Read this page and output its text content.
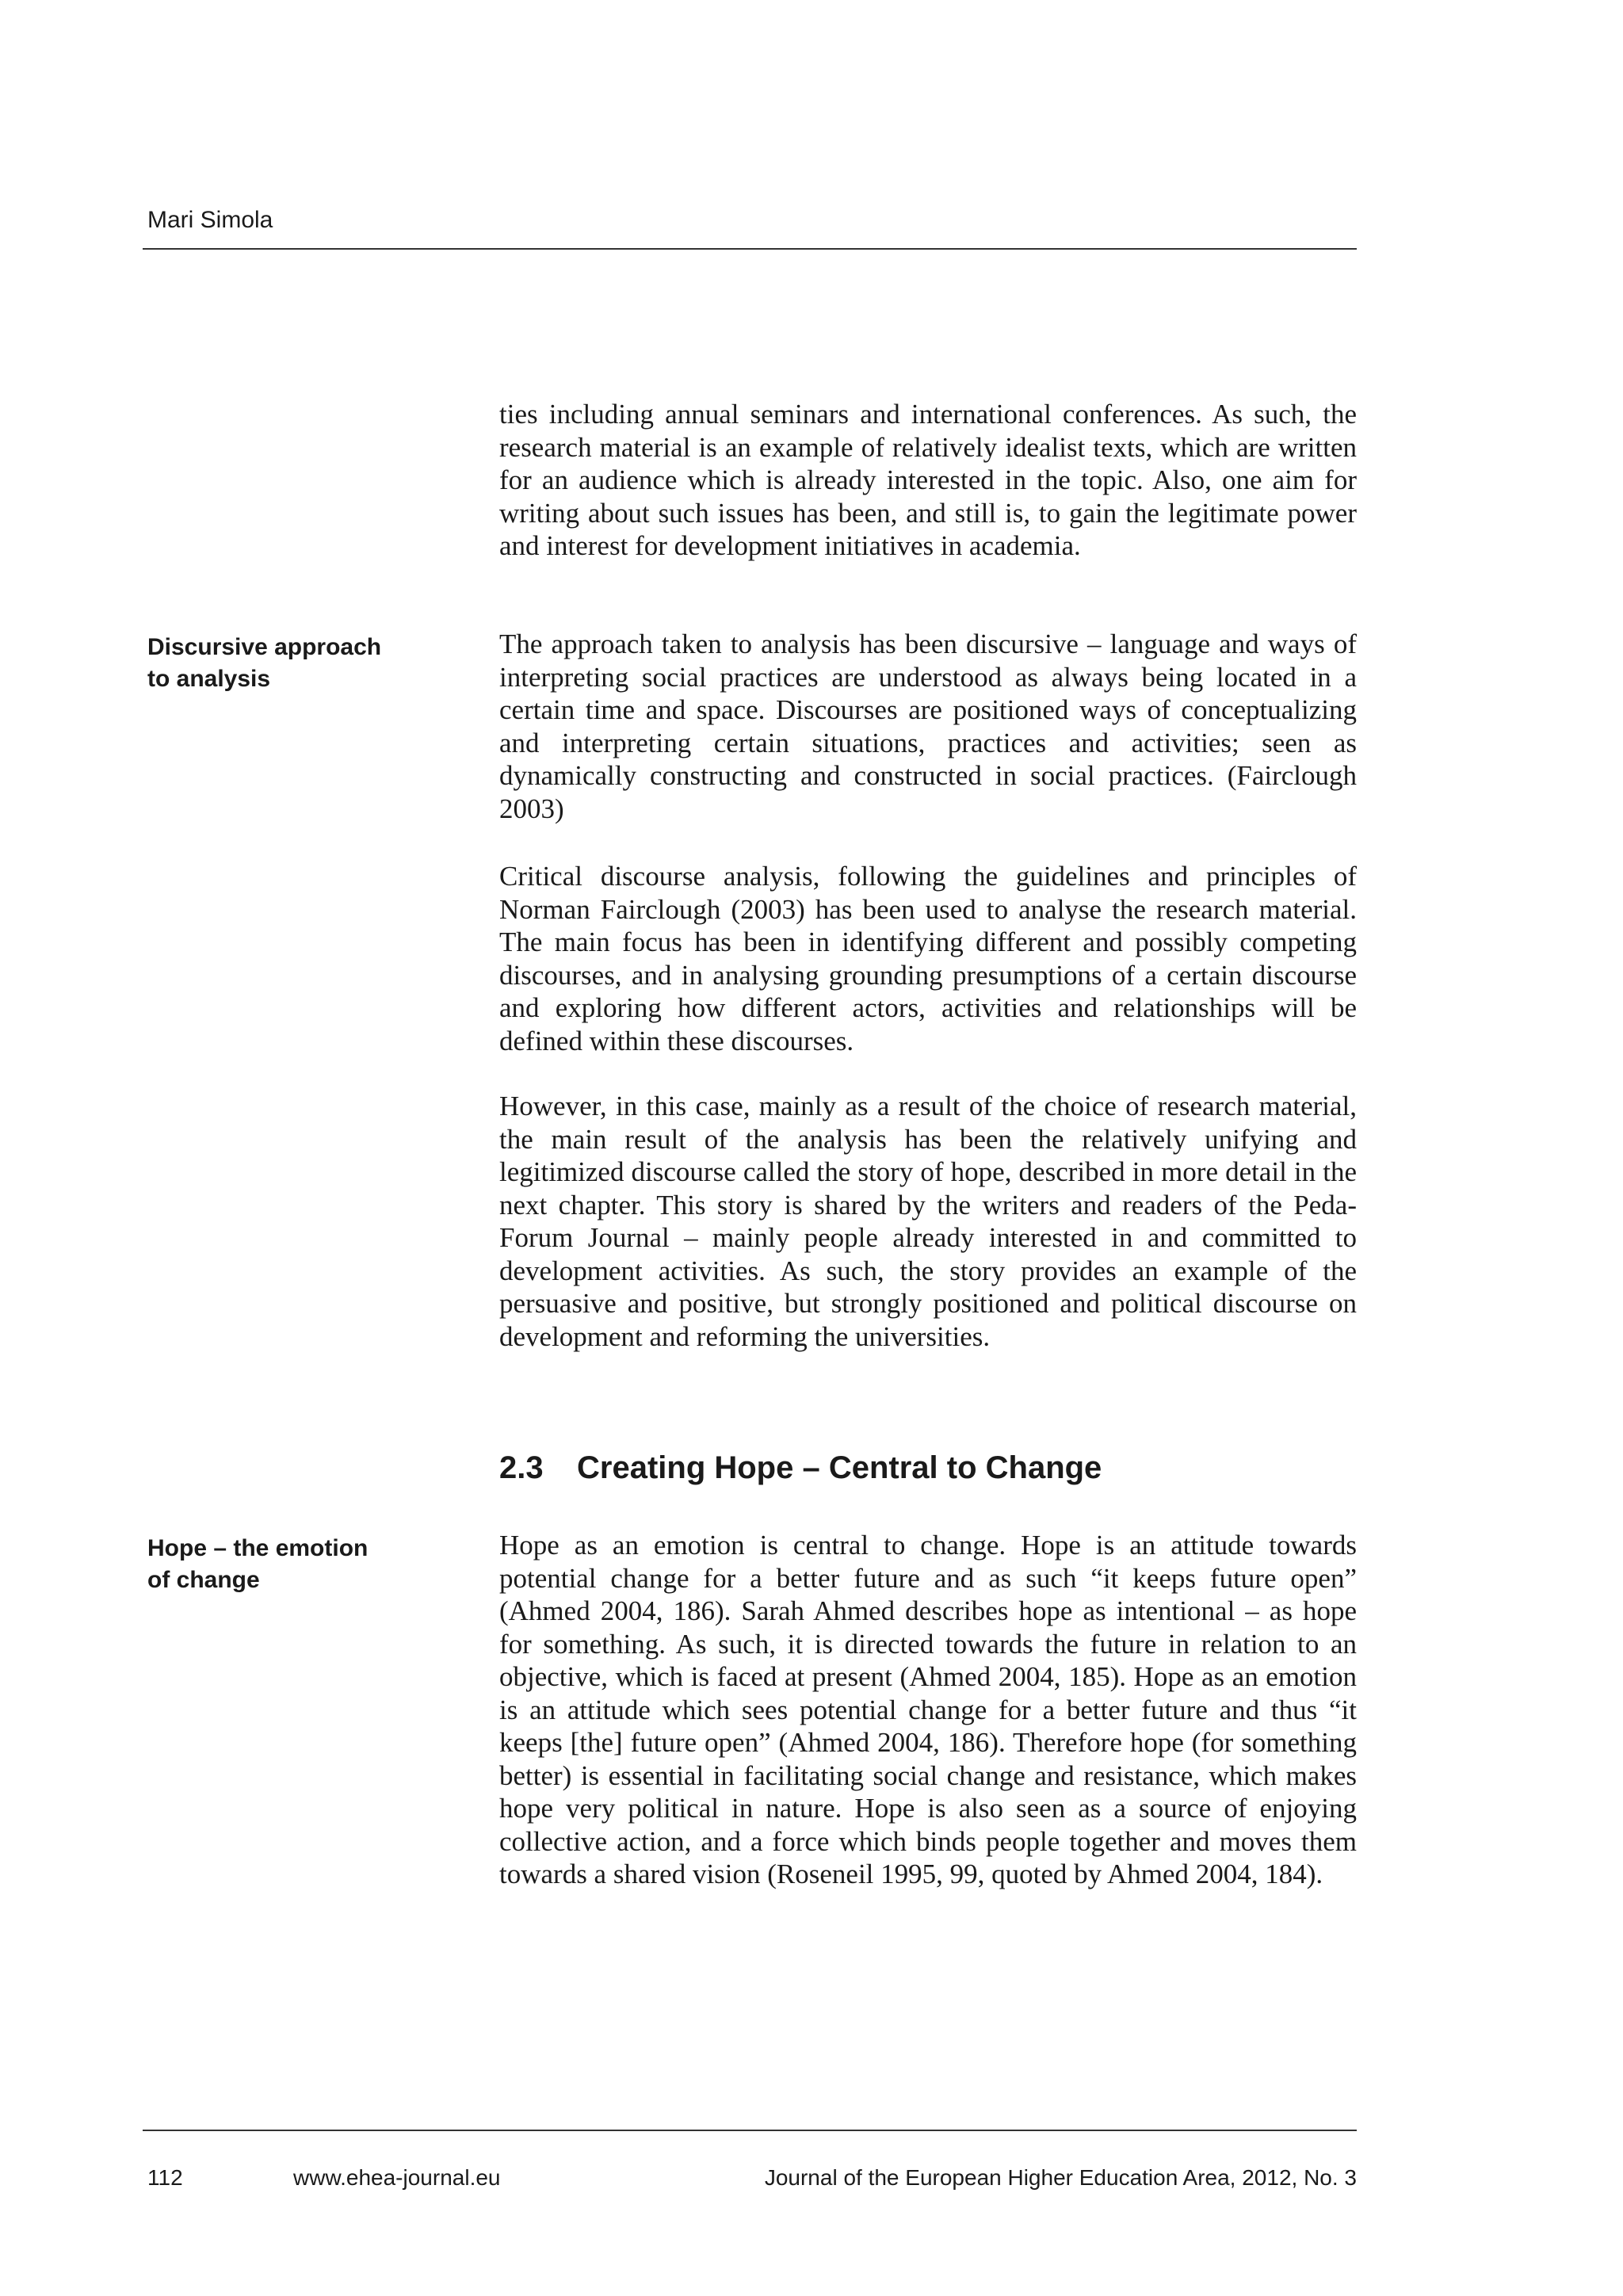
Mari Simola

ties including annual seminars and international conferences. As such, the research material is an example of relatively idealist texts, which are written for an audience which is already interested in the topic. Also, one aim for writing about such issues has been, and still is, to gain the legitimate power and interest for development initiatives in academia.

Discursive approach
to analysis

The approach taken to analysis has been discursive – language and ways of interpreting social practices are understood as always being located in a certain time and space. Discourses are positioned ways of conceptualizing and interpreting certain situations, practices and activities; seen as dynamically constructing and constructed in social practices. (Fairclough 2003)

Critical discourse analysis, following the guidelines and principles of Norman Fairclough (2003) has been used to analyse the research material. The main focus has been in identifying different and possibly competing discourses, and in analysing grounding presumptions of a certain discourse and exploring how different actors, activities and relationships will be defined within these discourses.

However, in this case, mainly as a result of the choice of research material, the main result of the analysis has been the relatively unifying and legitimized discourse called the story of hope, described in more detail in the next chapter. This story is shared by the writers and readers of the Peda-Forum Journal – mainly people already interested in and committed to development activities. As such, the story provides an example of the persuasive and positive, but strongly positioned and political discourse on development and reforming the universities.

2.3 Creating Hope – Central to Change
Hope – the emotion
of change

Hope as an emotion is central to change. Hope is an attitude towards potential change for a better future and as such “it keeps future open” (Ahmed 2004, 186). Sarah Ahmed describes hope as intentional – as hope for something. As such, it is directed towards the future in relation to an objective, which is faced at present (Ahmed 2004, 185). Hope as an emotion is an attitude which sees potential change for a better future and thus “it keeps [the] future open” (Ahmed 2004, 186). Therefore hope (for something better) is essential in facilitating social change and resistance, which makes hope very political in nature. Hope is also seen as a source of enjoying collective action, and a force which binds people together and moves them towards a shared vision (Roseneil 1995, 99, quoted by Ahmed 2004, 184).

112	www.ehea-journal.eu	Journal of the European Higher Education Area, 2012, No. 3
